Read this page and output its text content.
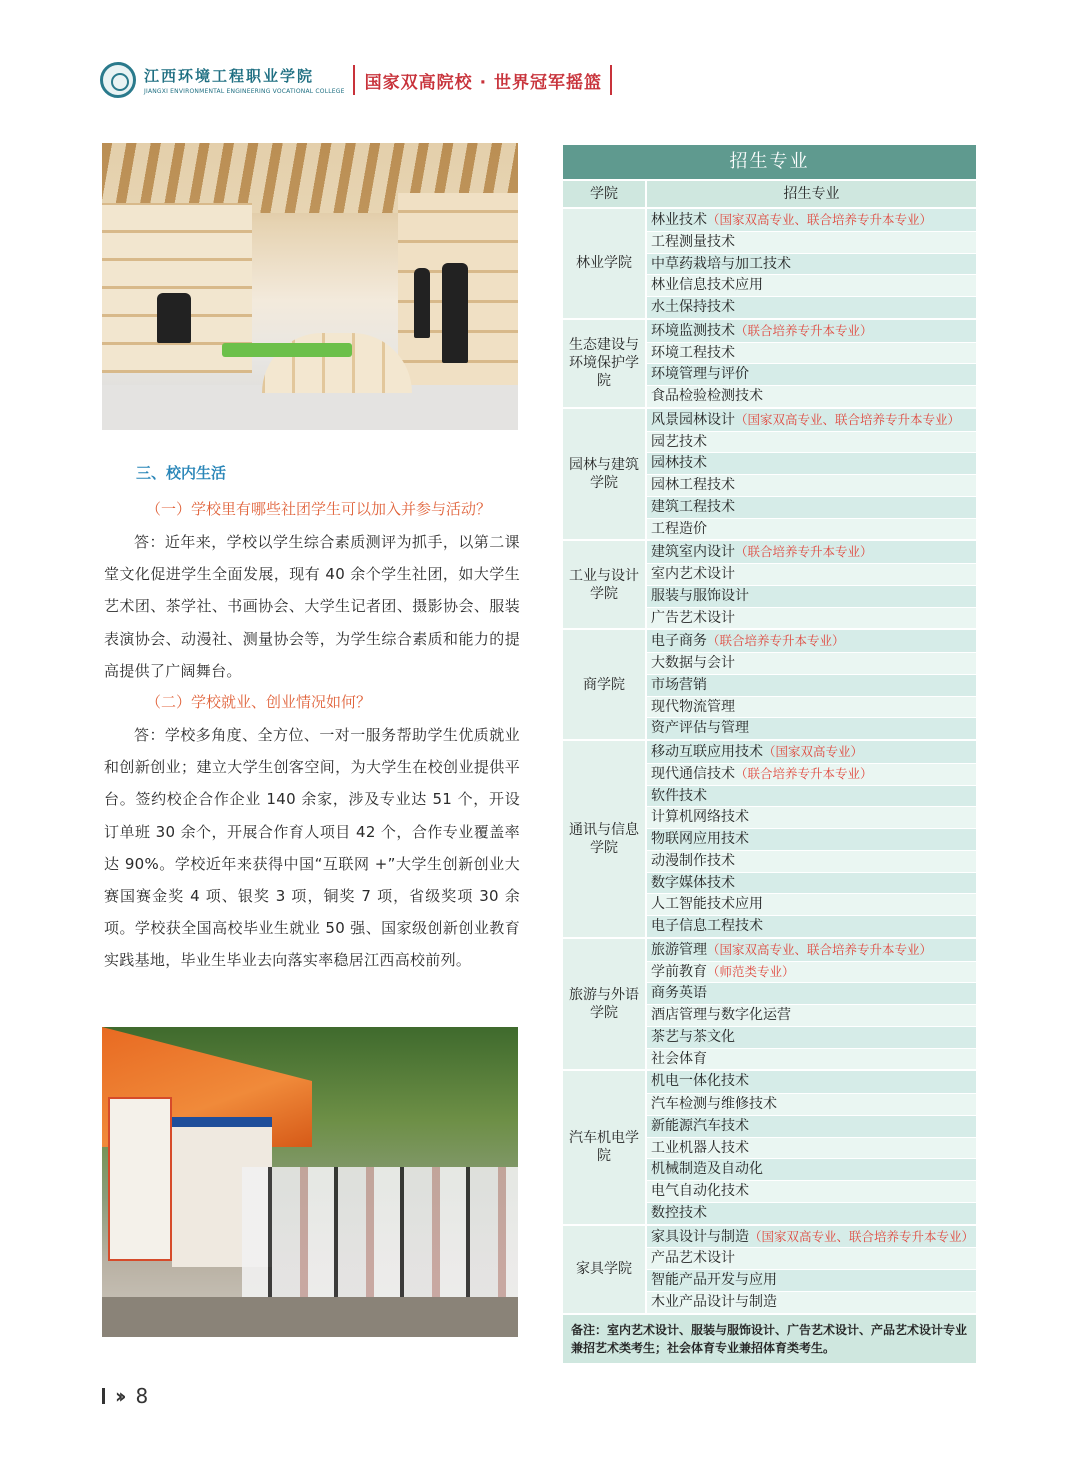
江西环境工程职业学院
JIANGXI ENVIRONMENTAL ENGINEERING VOCATIONAL COLLEGE 国家双高院校 · 世界冠军摇篮
三、校内生活
（一）学校里有哪些社团学生可以加入并参与活动？

答：近年来，学校以学生综合素质测评为抓手，以第二课堂文化促进学生全面发展，现有 40 余个学生社团，如大学生艺术团、茶学社、书画协会、大学生记者团、摄影协会、服装表演协会、动漫社、测量协会等，为学生综合素质和能力的提高提供了广阔舞台。

（二）学校就业、创业情况如何？

答：学校多角度、全方位、一对一服务帮助学生优质就业和创新创业；建立大学生创客空间，为大学生在校创业提供平台。签约校企合作企业 140 余家，涉及专业达 51 个，开设订单班 30 余个，开展合作育人项目 42 个，合作专业覆盖率达 90%。学校近年来获得中国“互联网 +”大学生创新创业大赛国赛金奖 4 项、银奖 3 项，铜奖 7 项，省级奖项 30 余项。学校获全国高校毕业生就业 50 强、国家级创新创业教育实践基地，毕业生毕业去向落实率稳居江西高校前列。

招生专业
学院	招生专业
林业学院
林业技术（国家双高专业、联合培养专升本专业）
工程测量技术
中草药栽培与加工技术
林业信息技术应用
水土保持技术
生态建设与环境保护学院
环境监测技术（联合培养专升本专业）
环境工程技术
环境管理与评价
食品检验检测技术
园林与建筑学院
风景园林设计（国家双高专业、联合培养专升本专业）
园艺技术
园林技术
园林工程技术
建筑工程技术
工程造价
工业与设计学院
建筑室内设计（联合培养专升本专业）
室内艺术设计
服装与服饰设计
广告艺术设计
商学院
电子商务（联合培养专升本专业）
大数据与会计
市场营销
现代物流管理
资产评估与管理
通讯与信息学院
移动互联应用技术（国家双高专业）
现代通信技术（联合培养专升本专业）
软件技术
计算机网络技术
物联网应用技术
动漫制作技术
数字媒体技术
人工智能技术应用
电子信息工程技术
旅游与外语学院
旅游管理（国家双高专业、联合培养专升本专业）
学前教育（师范类专业）
商务英语
酒店管理与数字化运营
茶艺与茶文化
社会体育
汽车机电学院
机电一体化技术
汽车检测与维修技术
新能源汽车技术
工业机器人技术
机械制造及自动化
电气自动化技术
数控技术
家具学院
家具设计与制造（国家双高专业、联合培养专升本专业）
产品艺术设计
智能产品开发与应用
木业产品设计与制造
备注：室内艺术设计、服装与服饰设计、广告艺术设计、产品艺术设计专业兼招艺术类考生；社会体育专业兼招体育类考生。
›› 8
